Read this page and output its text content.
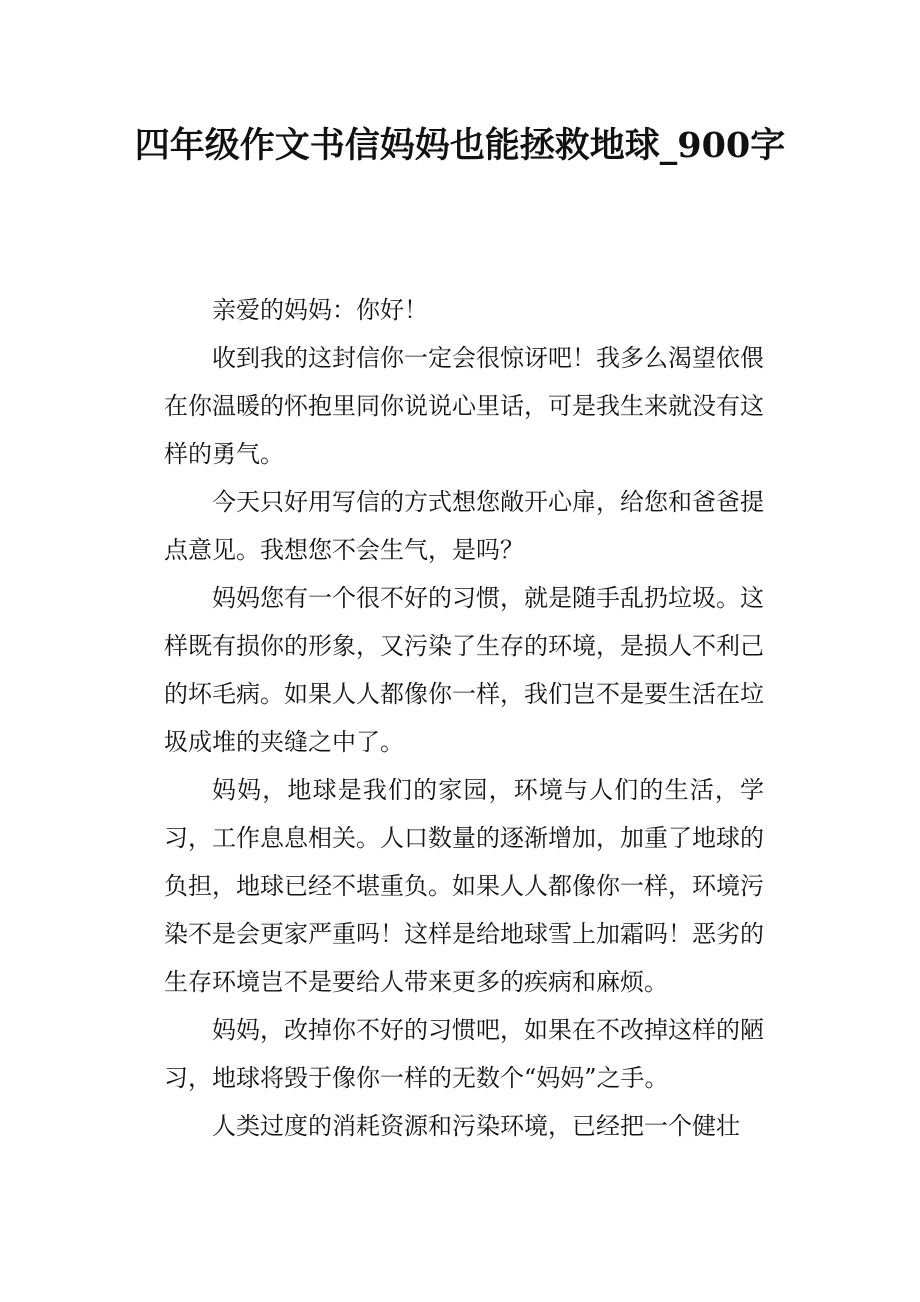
四年级作文书信妈妈也能拯救地球_900字

亲爱的妈妈：你好！

收到我的这封信你一定会很惊讶吧！我多么渴望依偎在你温暖的怀抱里同你说说心里话，可是我生来就没有这样的勇气。

今天只好用写信的方式想您敞开心扉，给您和爸爸提点意见。我想您不会生气，是吗？

妈妈您有一个很不好的习惯，就是随手乱扔垃圾。这样既有损你的形象，又污染了生存的环境，是损人不利己的坏毛病。如果人人都像你一样，我们岂不是要生活在垃圾成堆的夹缝之中了。

妈妈，地球是我们的家园，环境与人们的生活，学习，工作息息相关。人口数量的逐渐增加，加重了地球的负担，地球已经不堪重负。如果人人都像你一样，环境污染不是会更家严重吗！这样是给地球雪上加霜吗！恶劣的生存环境岂不是要给人带来更多的疾病和麻烦。

妈妈，改掉你不好的习惯吧，如果在不改掉这样的陋习，地球将毁于像你一样的无数个“妈妈”之手。

人类过度的消耗资源和污染环境，已经把一个健壮
